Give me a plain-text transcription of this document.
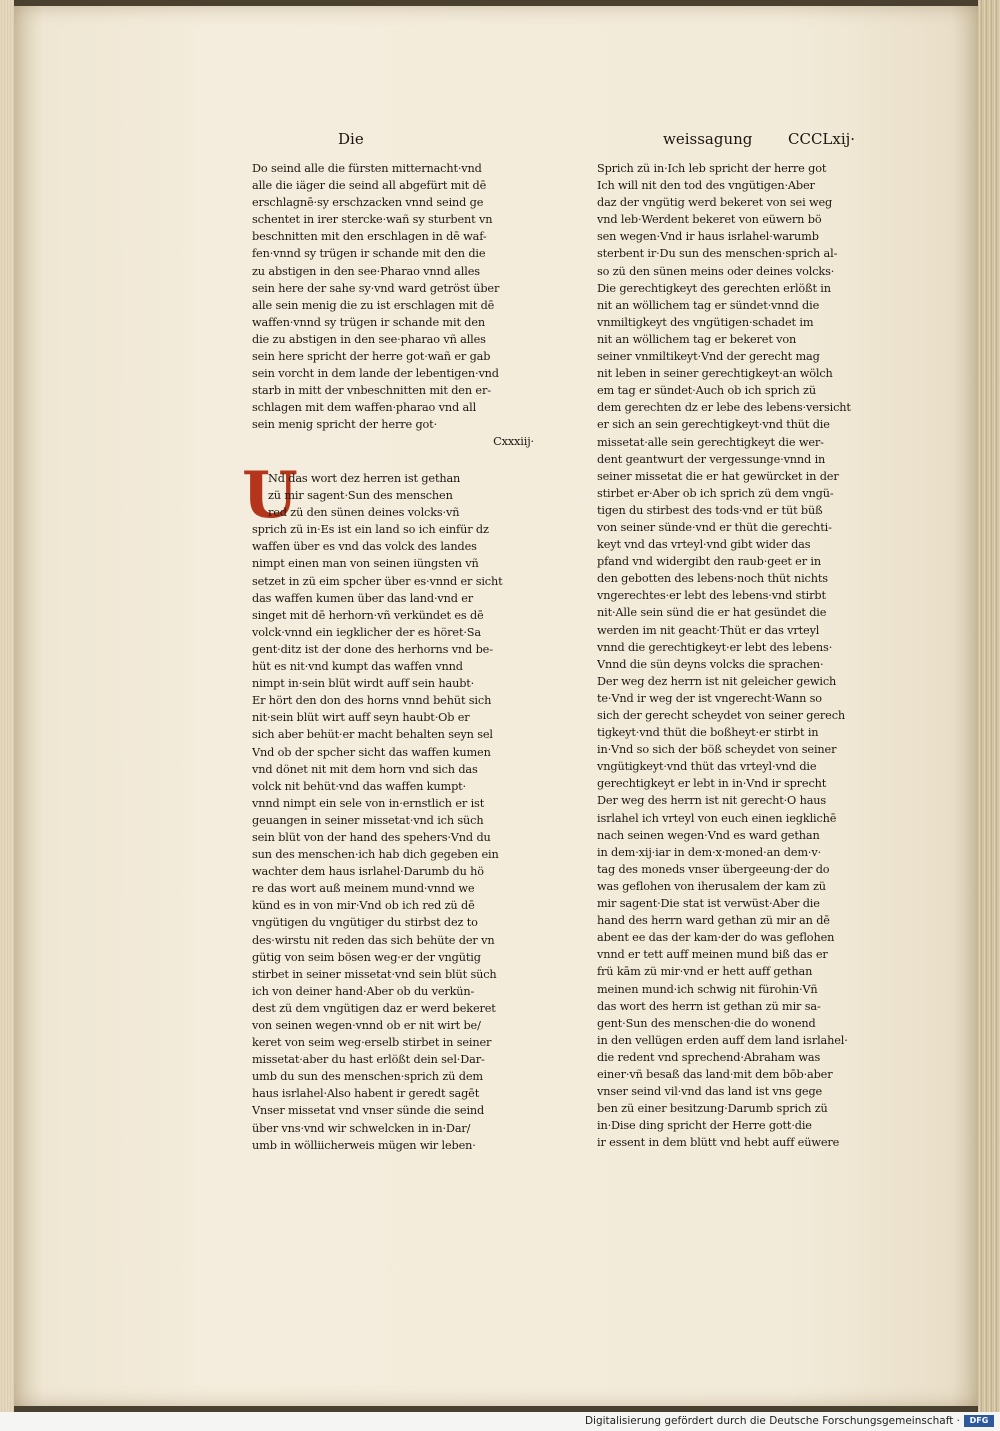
Die	weissagung CCCLxij·
Do seind alle die fürsten mitternacht·vnd
alle die iäger die seind all abgefürt mit dē
erschlagnē·sy erschzacken vnnd seind ge
schentet in irer stercke·wañ sy sturbent vn
beschnitten mit den erschlagen in dē waf-
fen·vnnd sy trügen ir schande mit den die
zu abstigen in den see·Pharao vnnd alles
sein here der sahe sy·vnd ward getröst über
alle sein menig die zu ist erschlagen mit dē
waffen·vnnd sy trügen ir schande mit den
die zu abstigen in den see·pharao vñ alles
sein here spricht der herre got·wañ er gab
sein vorcht in dem lande der lebentigen·vnd
starb in mitt der vnbeschnitten mit den er-
schlagen mit dem waffen·pharao vnd all
sein menig spricht der herre got·
Cxxxiij·
U
Nd das wort dez herren ist gethan
zü mir sagent·Sun des menschen
red zü den sünen deines volcks·vñ
sprich zü in·Es ist ein land so ich einfür dz
waffen über es vnd das volck des landes
nimpt einen man von seinen iüngsten vñ
setzet in zü eim spcher über es·vnnd er sicht
das waffen kumen über das land·vnd er
singet mit dē herhorn·vñ verkündet es dē
volck·vnnd ein iegklicher der es höret·Sa
gent·ditz ist der done des herhorns vnd be-
hüt es nit·vnd kumpt das waffen vnnd
nimpt in·sein blüt wirdt auff sein haubt·
Er hört den don des horns vnnd behüt sich
nit·sein blüt wirt auff seyn haubt·Ob er
sich aber behüt·er macht behalten seyn sel
Vnd ob der spcher sicht das waffen kumen
vnd dönet nit mit dem horn vnd sich das
volck nit behüt·vnd das waffen kumpt·
vnnd nimpt ein sele von in·ernstlich er ist
geuangen in seiner missetat·vnd ich süch
sein blüt von der hand des spehers·Vnd du
sun des menschen·ich hab dich gegeben ein
wachter dem haus isrlahel·Darumb du hö
re das wort auß meinem mund·vnnd we
künd es in von mir·Vnd ob ich red zü dē
vngütigen du vngütiger du stirbst dez to
des·wirstu nit reden das sich behüte der vn
gütig von seim bösen weg·er der vngütig
stirbet in seiner missetat·vnd sein blüt süch
ich von deiner hand·Aber ob du verkün-
dest zü dem vngütigen daz er werd bekeret
von seinen wegen·vnnd ob er nit wirt be/
keret von seim weg·erselb stirbet in seiner
missetat·aber du hast erlößt dein sel·Dar-
umb du sun des menschen·sprich zü dem
haus isrlahel·Also habent ir geredt sagēt
Vnser missetat vnd vnser sünde die seind
über vns·vnd wir schwelcken in in·Dar/
umb in wölliicherweis mügen wir leben·
Sprich zü in·Ich leb spricht der herre got
Ich will nit den tod des vngütigen·Aber
daz der vngütig werd bekeret von sei weg
vnd leb·Werdent bekeret von eüwern bö
sen wegen·Vnd ir haus isrlahel·warumb
sterbent ir·Du sun des menschen·sprich al-
so zü den sünen meins oder deines volcks·
Die gerechtigkeyt des gerechten erlößt in
nit an wöllichem tag er sündet·vnnd die
vnmiltigkeyt des vngütigen·schadet im
nit an wöllichem tag er bekeret von
seiner vnmiltikeyt·Vnd der gerecht mag
nit leben in seiner gerechtigkeyt·an wölch
em tag er sündet·Auch ob ich sprich zü
dem gerechten dz er lebe des lebens·versicht
er sich an sein gerechtigkeyt·vnd thüt die
missetat·alle sein gerechtigkeyt die wer-
dent geantwurt der vergessunge·vnnd in
seiner missetat die er hat gewürcket in der
stirbet er·Aber ob ich sprich zü dem vngü-
tigen du stirbest des tods·vnd er tüt büß
von seiner sünde·vnd er thüt die gerechti-
keyt vnd das vrteyl·vnd gibt wider das
pfand vnd widergibt den raub·geet er in
den gebotten des lebens·noch thüt nichts
vngerechtes·er lebt des lebens·vnd stirbt
nit·Alle sein sünd die er hat gesündet die
werden im nit geacht·Thüt er das vrteyl
vnnd die gerechtigkeyt·er lebt des lebens·
Vnnd die sün deyns volcks die sprachen·
Der weg dez herrn ist nit geleicher gewich
te·Vnd ir weg der ist vngerecht·Wann so
sich der gerecht scheydet von seiner gerech
tigkeyt·vnd thüt die boßheyt·er stirbt in
in·Vnd so sich der böß scheydet von seiner
vngütigkeyt·vnd thüt das vrteyl·vnd die
gerechtigkeyt er lebt in in·Vnd ir sprecht
Der weg des herrn ist nit gerecht·O haus
isrlahel ich vrteyl von euch einen iegklichē
nach seinen wegen·Vnd es ward gethan
in dem·xij·iar in dem·x·moned·an dem·v·
tag des moneds vnser übergeeung·der do
was geflohen von iherusalem der kam zü
mir sagent·Die stat ist verwüst·Aber die
hand des herrn ward gethan zü mir an dē
abent ee das der kam·der do was geflohen
vnnd er tett auff meinen mund biß das er
frü kām zü mir·vnd er hett auff gethan
meinen mund·ich schwig nit fürohin·Vñ
das wort des herrn ist gethan zü mir sa-
gent·Sun des menschen·die do wonend
in den vellügen erden auff dem land isrlahel·
die redent vnd sprechend·Abraham was
einer·vñ besaß das land·mit dem bōb·aber
vnser seind vil·vnd das land ist vns gege
ben zü einer besitzung·Darumb sprich zü
in·Dise ding spricht der Herre gott·die
ir essent in dem blütt vnd hebt auff eüwere
Digitalisierung gefördert durch die Deutsche Forschungsgemeinschaft ·	DFG
